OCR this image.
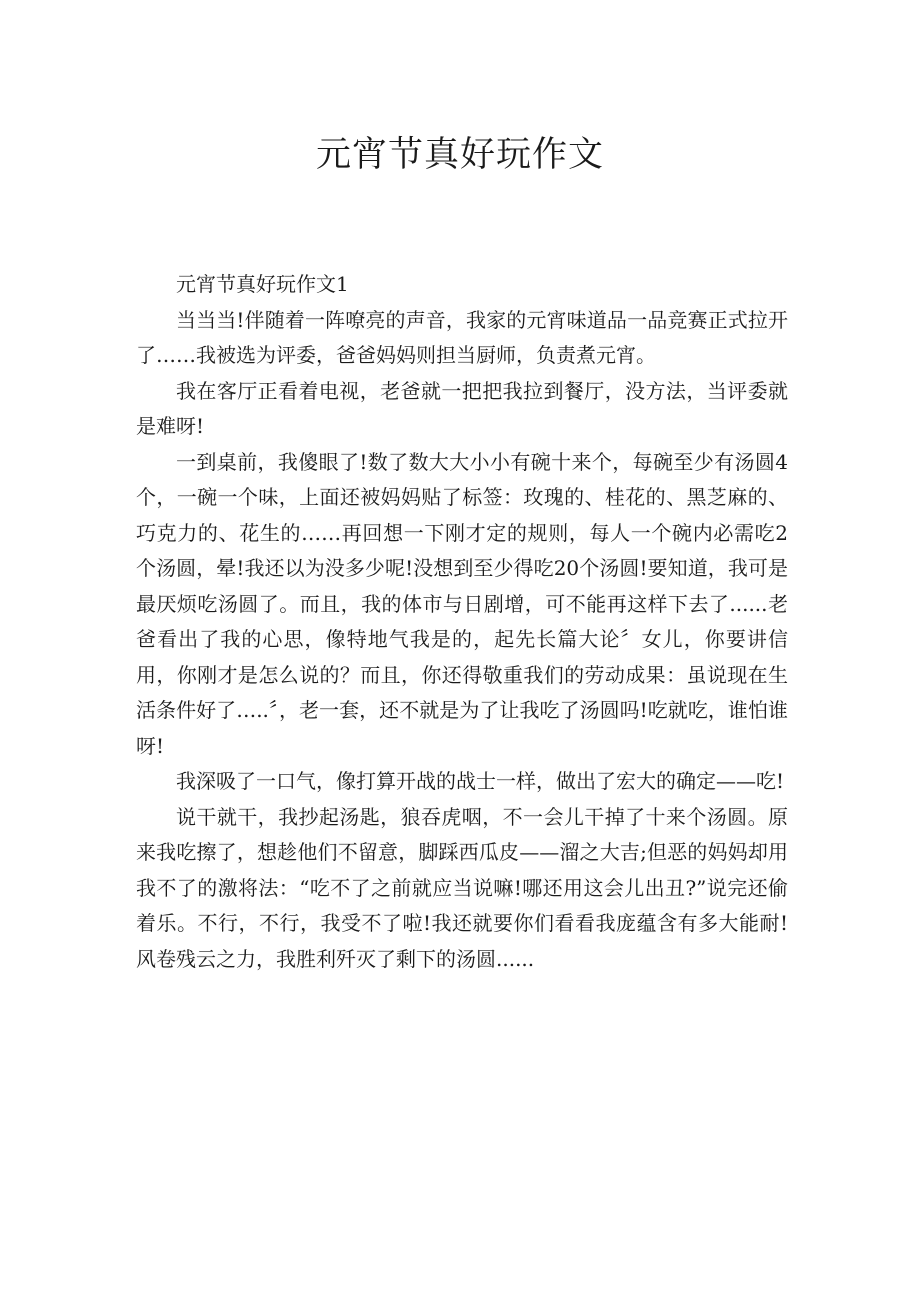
元宵节真好玩作文

元宵节真好玩作文1

当当当!伴随着一阵嘹亮的声音，我家的元宵味道品一品竞赛正式拉开了……我被选为评委，爸爸妈妈则担当厨师，负责煮元宵。

我在客厅正看着电视，老爸就一把把我拉到餐厅，没方法，当评委就是难呀!

一到桌前，我傻眼了!数了数大大小小有碗十来个，每碗至少有汤圆4个，一碗一个味，上面还被妈妈贴了标签：玫瑰的、桂花的、黑芝麻的、巧克力的、花生的……再回想一下刚才定的规则，每人一个碗内必需吃2个汤圆，晕!我还以为没多少呢!没想到至少得吃20个汤圆!要知道，我可是最厌烦吃汤圆了。而且，我的体市与日剧增，可不能再这样下去了......老爸看出了我的心思，像特地气我是的，起先长篇大论〞女儿，你要讲信用，你刚才是怎么说的？而且，你还得敬重我们的劳动成果：虽说现在生活条件好了…..〞，老一套，还不就是为了让我吃了汤圆吗!吃就吃，谁怕谁呀!

我深吸了一口气，像打算开战的战士一样，做出了宏大的确定——吃!

说干就干，我抄起汤匙，狼吞虎咽，不一会儿干掉了十来个汤圆。原来我吃擦了，想趁他们不留意，脚踩西瓜皮——溜之大吉;但恶的妈妈却用我不了的激将法：“吃不了之前就应当说嘛!哪还用这会儿出丑?”说完还偷着乐。不行，不行，我受不了啦!我还就要你们看看我庞蕴含有多大能耐!风卷残云之力，我胜利歼灭了剩下的汤圆......
